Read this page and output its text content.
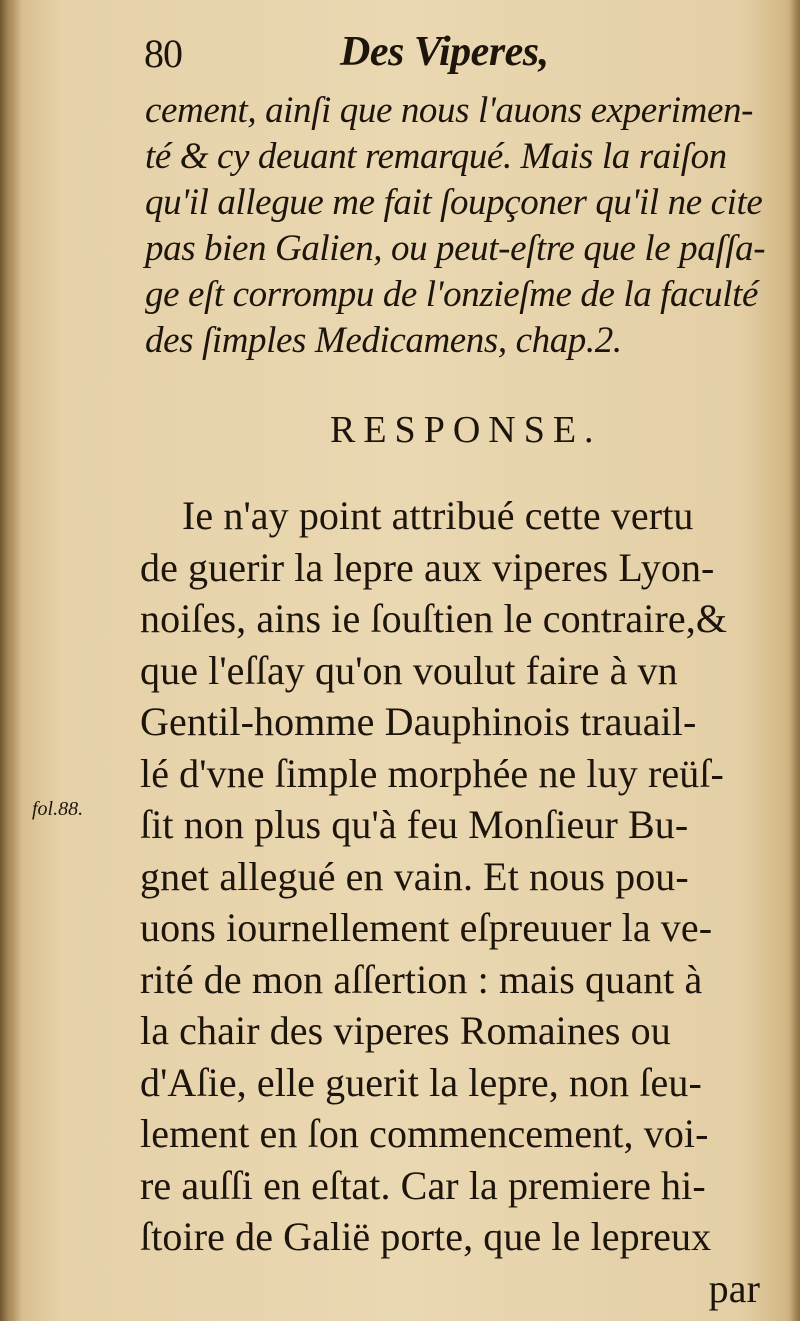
80	Des Viperes,
cement, ainſi que nous l'auons experimen-
té & cy deuant remarqué. Mais la raiſon
qu'il allegue me fait ſoupçoner qu'il ne cite
pas bien Galien, ou peut-eſtre que le paſſa-
ge eſt corrompu de l'onzieſme de la faculté
des ſimples Medicamens, chap.2.
RESPONSE.
Ie n'ay point attribué cette vertu
de guerir la lepre aux viperes Lyon-
noiſes, ains ie ſouſtien le contraire,&
que l'eſſay qu'on voulut faire à vn
Gentil-homme Dauphinois trauail-
lé d'vne ſimple morphée ne luy reüſ-
ſit non plus qu'à feu Monſieur Bu-
gnet allegué en vain. Et nous pou-
uons iournellement eſpreuuer la ve-
rité de mon aſſertion : mais quant à
la chair des viperes Romaines ou
d'Aſie, elle guerit la lepre, non ſeu-
lement en ſon commencement, voi-
re auſſi en eſtat. Car la premiere hi-
ſtoire de Galië porte, que le lepreux
par
fol.88.
